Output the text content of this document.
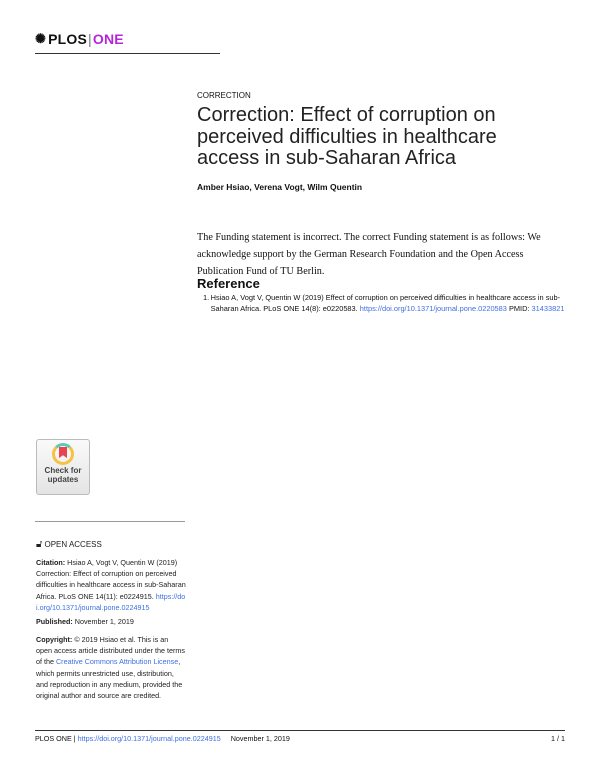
✺ PLOS | ONE
CORRECTION
Correction: Effect of corruption on perceived difficulties in healthcare access in sub-Saharan Africa
Amber Hsiao, Verena Vogt, Wilm Quentin
The Funding statement is incorrect. The correct Funding statement is as follows: We acknowledge support by the German Research Foundation and the Open Access Publication Fund of TU Berlin.
Reference
1. Hsiao A, Vogt V, Quentin W (2019) Effect of corruption on perceived difficulties in healthcare access in sub-Saharan Africa. PLoS ONE 14(8): e0220583. https://doi.org/10.1371/journal.pone.0220583 PMID: 31433821
Check for updates
🔓︎ OPEN ACCESS
Citation: Hsiao A, Vogt V, Quentin W (2019) Correction: Effect of corruption on perceived difficulties in healthcare access in sub-Saharan Africa. PLoS ONE 14(11): e0224915. https://doi.org/10.1371/journal.pone.0224915
Published: November 1, 2019
Copyright: © 2019 Hsiao et al. This is an open access article distributed under the terms of the Creative Commons Attribution License, which permits unrestricted use, distribution, and reproduction in any medium, provided the original author and source are credited.
PLOS ONE |
https://doi.org/10.1371/journal.pone.0224915 November 1, 2019	1 / 1
